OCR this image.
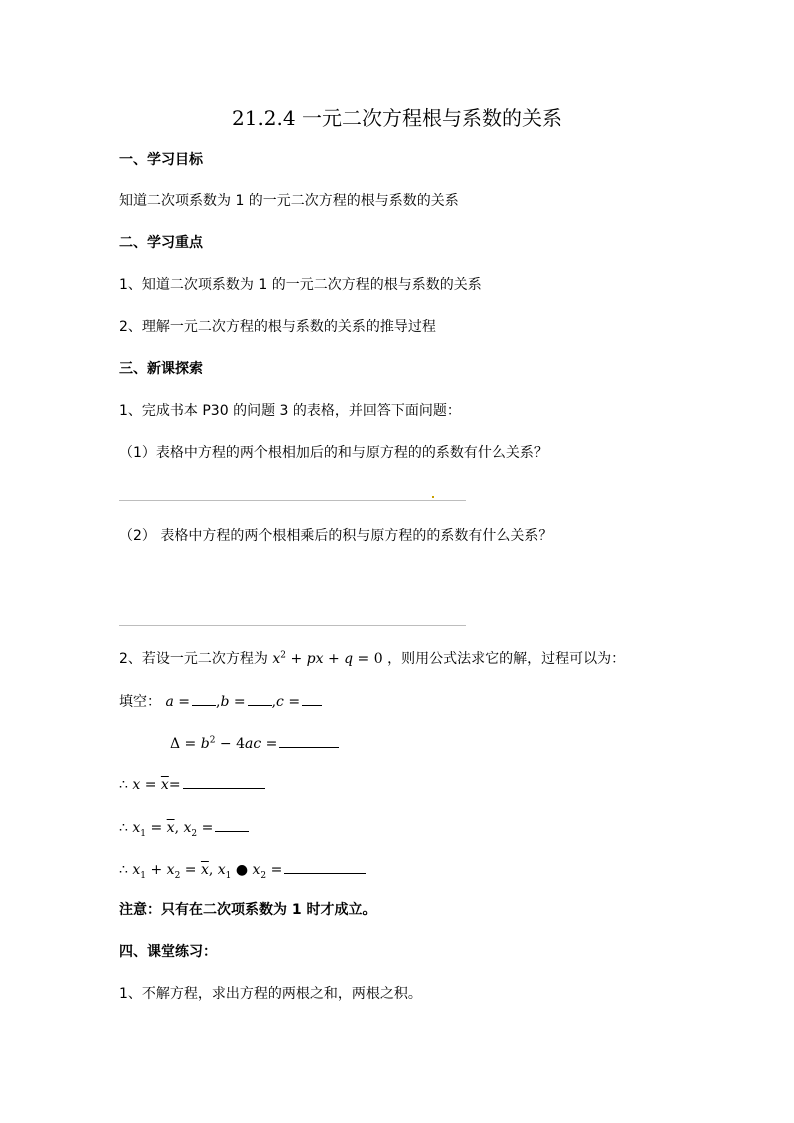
21.2.4 一元二次方程根与系数的关系
一、学习目标
知道二次项系数为 1 的一元二次方程的根与系数的关系
二、学习重点
1、知道二次项系数为 1 的一元二次方程的根与系数的关系
2、理解一元二次方程的根与系数的关系的推导过程
三、新课探索
1、完成书本 P30 的问题 3 的表格，并回答下面问题：
（1）表格中方程的两个根相加后的和与原方程的的系数有什么关系？
（2） 表格中方程的两个根相乘后的积与原方程的的系数有什么关系？
2、若设一元二次方程为 $x^2$ + px + q = 0 ，则用公式法求它的解，过程可以为：
填空： a = ,b = ,c =
$\Delta = b^2 - 4ac$ =
∴ $x = \overline{x}=$
∴ $x_1 = \overline{x}$, $x_2$ =
∴ $x_1 + x_2 = \overline{x}$, $x_1$ ● $x_2$ =
注意：只有在二次项系数为 1 时才成立。
四、课堂练习：
1、不解方程，求出方程的两根之和，两根之积。
